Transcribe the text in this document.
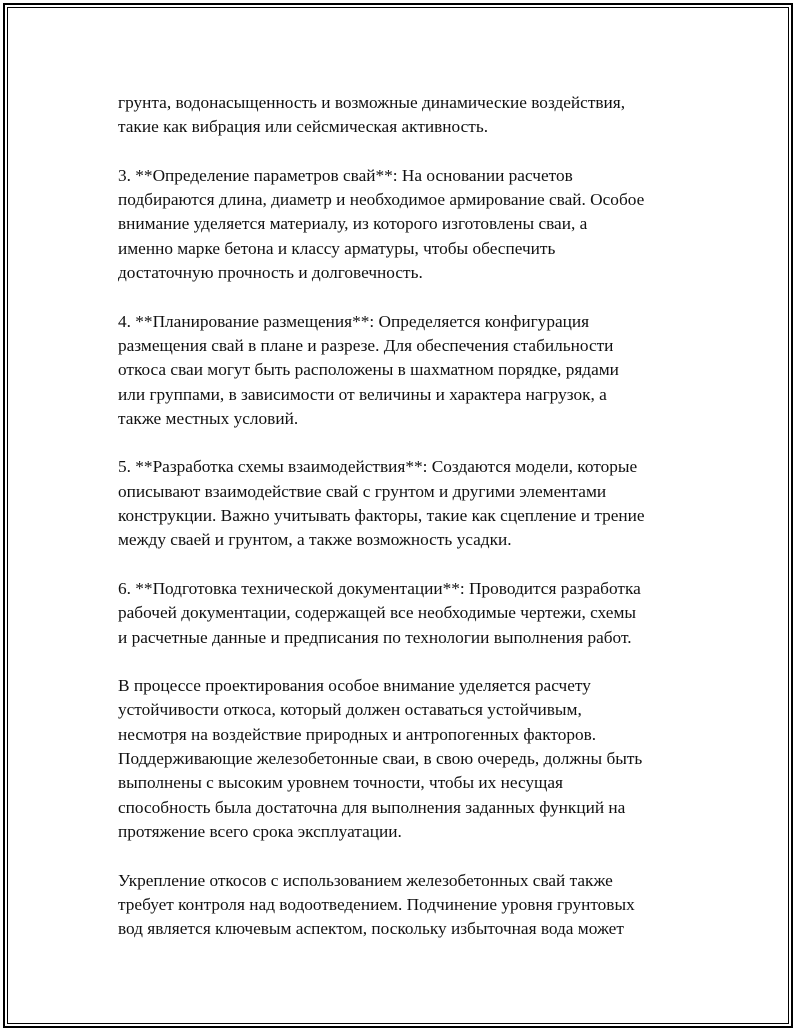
грунта, водонасыщенность и возможные динамические воздействия,
такие как вибрация или сейсмическая активность.

3. **Определение параметров свай**: На основании расчетов
подбираются длина, диаметр и необходимое армирование свай. Особое
внимание уделяется материалу, из которого изготовлены сваи, а
именно марке бетона и классу арматуры, чтобы обеспечить
достаточную прочность и долговечность.

4. **Планирование размещения**: Определяется конфигурация
размещения свай в плане и разрезе. Для обеспечения стабильности
откоса сваи могут быть расположены в шахматном порядке, рядами
или группами, в зависимости от величины и характера нагрузок, а
также местных условий.

5. **Разработка схемы взаимодействия**: Создаются модели, которые
описывают взаимодействие свай с грунтом и другими элементами
конструкции. Важно учитывать факторы, такие как сцепление и трение
между сваей и грунтом, а также возможность усадки.

6. **Подготовка технической документации**: Проводится разработка
рабочей документации, содержащей все необходимые чертежи, схемы
и расчетные данные и предписания по технологии выполнения работ.

В процессе проектирования особое внимание уделяется расчету
устойчивости откоса, который должен оставаться устойчивым,
несмотря на воздействие природных и антропогенных факторов.
Поддерживающие железобетонные сваи, в свою очередь, должны быть
выполнены с высоким уровнем точности, чтобы их несущая
способность была достаточна для выполнения заданных функций на
протяжение всего срока эксплуатации.

Укрепление откосов с использованием железобетонных свай также
требует контроля над водоотведением. Подчинение уровня грунтовых
вод является ключевым аспектом, поскольку избыточная вода может
